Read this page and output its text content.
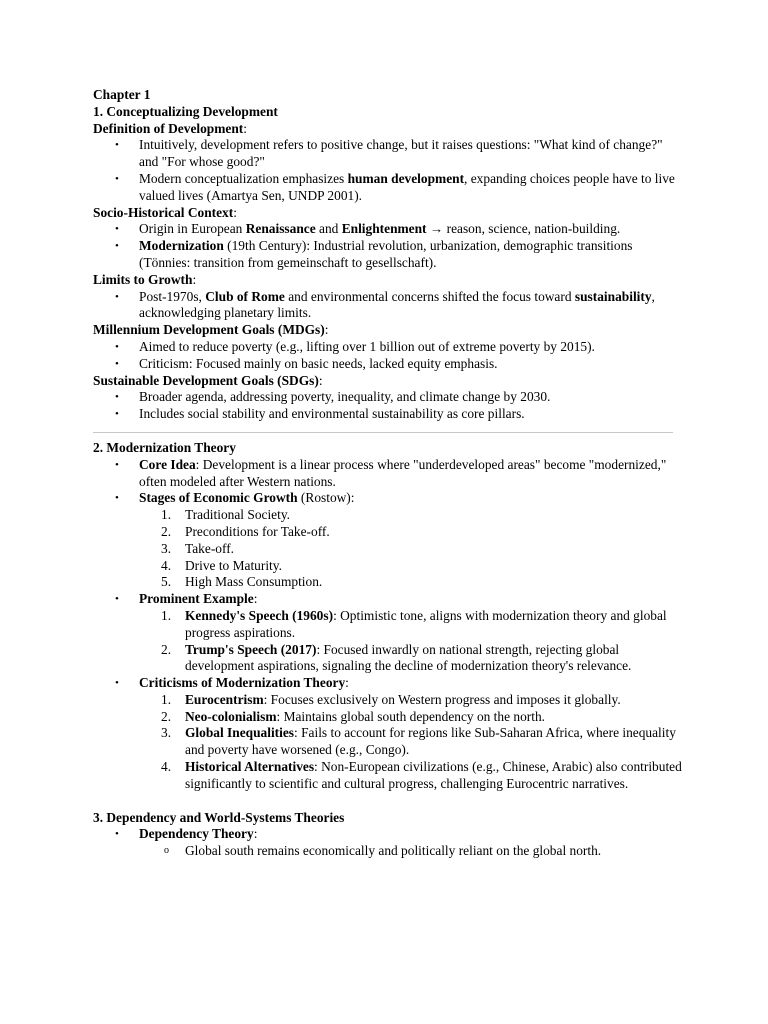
Chapter 1

1. Conceptualizing Development

Definition of Development:

• Intuitively, development refers to positive change, but it raises questions: "What kind of change?" and "For whose good?"
• Modern conceptualization emphasizes human development, expanding choices people have to live valued lives (Amartya Sen, UNDP 2001).

Socio-Historical Context:

• Origin in European Renaissance and Enlightenment → reason, science, nation-building.
• Modernization (19th Century): Industrial revolution, urbanization, demographic transitions (Tönnies: transition from gemeinschaft to gesellschaft).

Limits to Growth:

• Post-1970s, Club of Rome and environmental concerns shifted the focus toward sustainability, acknowledging planetary limits.

Millennium Development Goals (MDGs):

• Aimed to reduce poverty (e.g., lifting over 1 billion out of extreme poverty by 2015).
• Criticism: Focused mainly on basic needs, lacked equity emphasis.

Sustainable Development Goals (SDGs):

• Broader agenda, addressing poverty, inequality, and climate change by 2030.
• Includes social stability and environmental sustainability as core pillars.

2. Modernization Theory

• Core Idea: Development is a linear process where "underdeveloped areas" become "modernized," often modeled after Western nations.
• Stages of Economic Growth (Rostow):
1.	Traditional Society.
2.	Preconditions for Take-off.
3.	Take-off.
4.	Drive to Maturity.
5.	High Mass Consumption.
• Prominent Example:
1.	Kennedy's Speech (1960s): Optimistic tone, aligns with modernization theory and global progress aspirations.
2.	Trump's Speech (2017): Focused inwardly on national strength, rejecting global development aspirations, signaling the decline of modernization theory's relevance.
• Criticisms of Modernization Theory:
1.	Eurocentrism: Focuses exclusively on Western progress and imposes it globally.
2.	Neo-colonialism: Maintains global south dependency on the north.
3.	Global Inequalities: Fails to account for regions like Sub-Saharan Africa, where inequality and poverty have worsened (e.g., Congo).
4.	Historical Alternatives: Non-European civilizations (e.g., Chinese, Arabic) also contributed significantly to scientific and cultural progress, challenging Eurocentric narratives.

3. Dependency and World-Systems Theories

• Dependency Theory:
o Global south remains economically and politically reliant on the global north.
